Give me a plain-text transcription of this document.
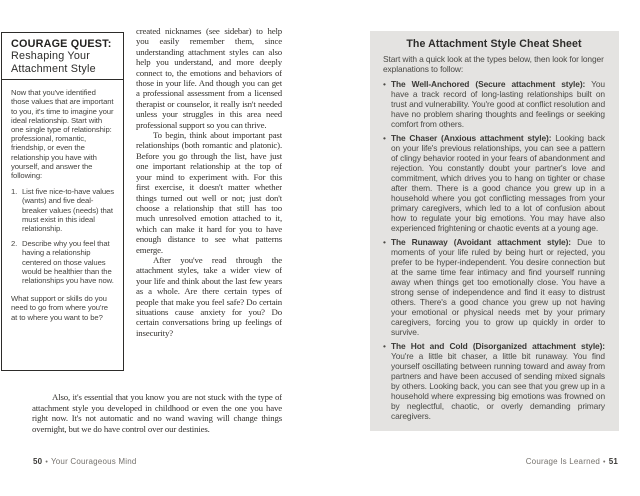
COURAGE QUEST:
Reshaping Your Attachment Style

Now that you've identified those values that are important to you, it's time to imagine your ideal relationship. Start with one single type of relationship: professional, romantic, friendship, or even the relationship you have with yourself, and answer the following:

1. List five nice-to-have values (wants) and five deal-breaker values (needs) that must exist in this ideal relationship.
2. Describe why you feel that having a relationship centered on those values would be healthier than the relationships you have now.

What support or skills do you need to go from where you're at to where you want to be?

created nicknames (see sidebar) to help you easily remember them, since understanding attachment styles can also help you understand, and more deeply connect to, the emotions and behaviors of those in your life. And though you can get a professional assessment from a licensed therapist or counselor, it really isn't needed unless your struggles in this area need professional support so you can thrive.

To begin, think about important past relationships (both romantic and platonic). Before you go through the list, have just one important relationship at the top of your mind to experiment with. For this first exercise, it doesn't matter whether things turned out well or not; just don't choose a relationship that still has too much unresolved emotion attached to it, which can make it hard for you to have enough distance to see what patterns emerge.

After you've read through the attachment styles, take a wider view of your life and think about the last few years as a whole. Are there certain types of people that make you feel safe? Do certain situations cause anxiety for you? Do certain conversations bring up feelings of insecurity?

Also, it's essential that you know you are not stuck with the type of attachment style you developed in childhood or even the one you have right now. It's not automatic and no wand waving will change things overnight, but we do have control over our destinies.

50 • Your Courageous Mind
The Attachment Style Cheat Sheet

Start with a quick look at the types below, then look for longer explanations to follow:

• The Well-Anchored (Secure attachment style): You have a track record of long-lasting relationships built on trust and vulnerability. You're good at conflict resolution and have no problem sharing thoughts and feelings or seeking comfort from others.
• The Chaser (Anxious attachment style): Looking back on your life's previous relationships, you can see a pattern of clingy behavior rooted in your fears of abandonment and rejection. You constantly doubt your partner's love and commitment, which drives you to hang on tighter or chase after them. There is a good chance you grew up in a household where you got conflicting messages from your primary caregivers, which led to a lot of confusion about how to regulate your big emotions. You may have also experienced frightening or chaotic events at a young age.
• The Runaway (Avoidant attachment style): Due to moments of your life ruled by being hurt or rejected, you prefer to be hyper-independent. You desire connection but at the same time fear intimacy and find yourself running away when things get too emotionally close. You have a strong sense of independence and find it easy to distrust others. There's a good chance you grew up not having your emotional or physical needs met by your primary caregivers, forcing you to grow up quickly in order to survive.
• The Hot and Cold (Disorganized attachment style): You're a little bit chaser, a little bit runaway. You find yourself oscillating between running toward and away from partners and have been accused of sending mixed signals by others. Looking back, you can see that you grew up in a household where expressing big emotions was frowned on by neglectful, chaotic, or overly demanding primary caregivers.
Courage Is Learned • 51
